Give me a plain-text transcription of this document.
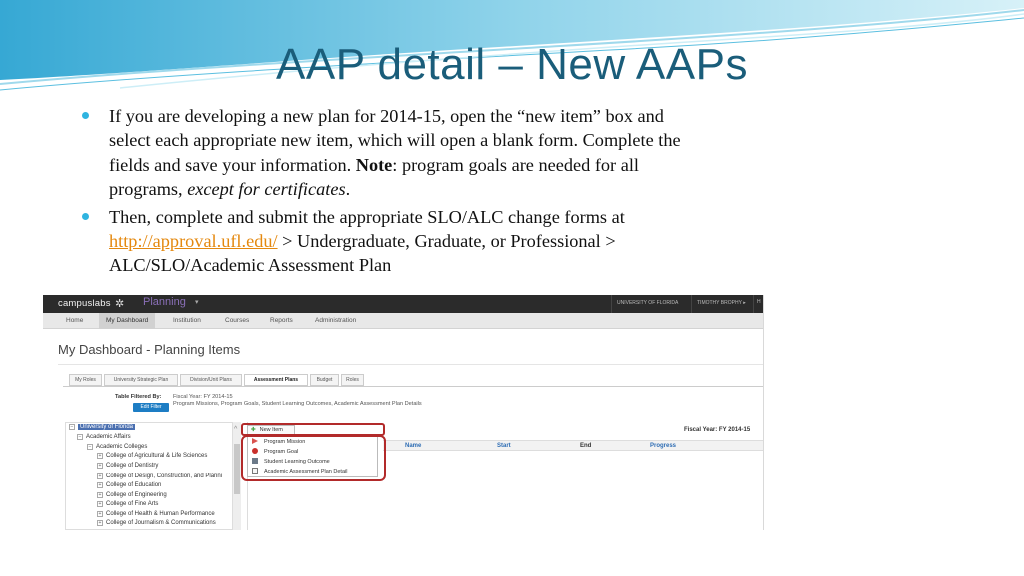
AAP detail – New AAPs
If you are developing a new plan for 2014-15, open the “new item” box and select each appropriate new item, which will open a blank form. Complete the fields and save your information. Note: program goals are needed for all programs, except for certificates.
Then, complete and submit the appropriate SLO/ALC change forms at http://approval.ufl.edu/ > Undergraduate, Graduate, or Professional > ALC/SLO/Academic Assessment Plan
campuslabs ✲ Planning ▾	UNIVERSITY OF FLORIDA	TIMOTHY BROPHY ▸ H
Home	My Dashboard	Institution	Courses	Reports	Administration
My Dashboard - Planning Items
My Roles	University Strategic Plan	Division/Unit Plans	Assessment Plans	Budget	Roles
Table Filtered By: Fiscal Year: FY 2014-15
Program Missions, Program Goals, Student Learning Outcomes, Academic Assessment Plan Details
Edit Filter
− University of Florida
− Academic Affairs
− Academic Colleges
+ College of Agricultural & Life Sciences
+ College of Dentistry
+ College of Design, Construction, and Planni
+ College of Education
+ College of Engineering
+ College of Fine Arts
+ College of Health & Human Performance
+ College of Journalism & Communications
^	Fiscal Year: FY 2014-15
Name	Start	End	Progress
✚ New Item
Program Mission
Program Goal
Student Learning Outcome
Academic Assessment Plan Detail
